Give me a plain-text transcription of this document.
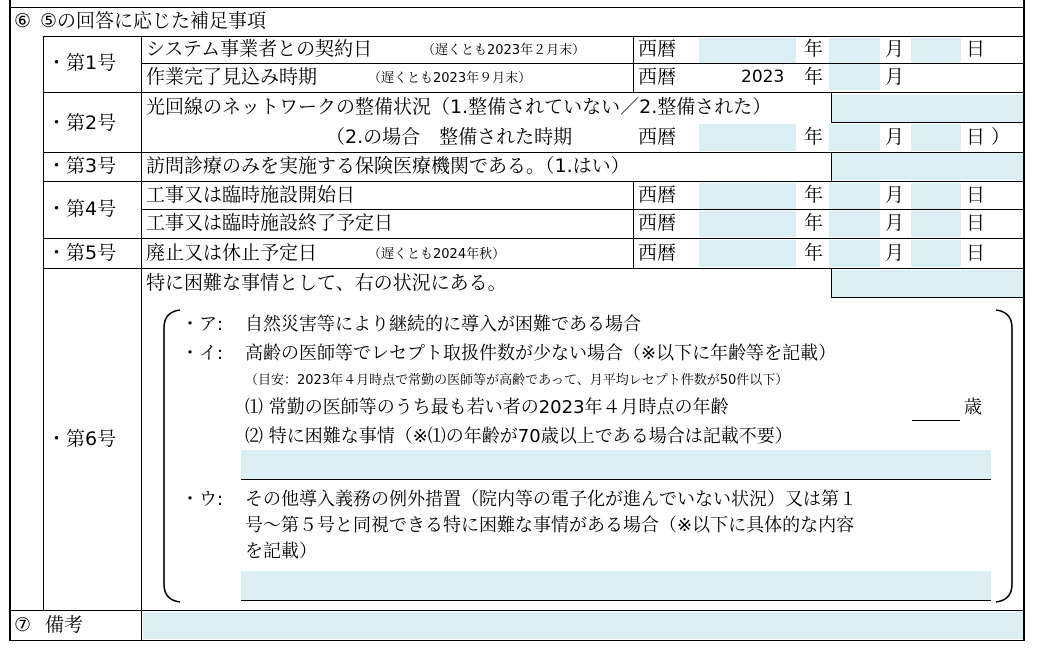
⑥ ⑤の回答に応じた補足事項
・第1号
システム事業者との契約日	（遅くとも2023年２月末）	西暦	年	月	日
作業完了見込み時期	（遅くとも2023年９月末）	西暦	2023 年	月
・第2号
光回線のネットワークの整備状況（1.整備されていない／2.整備された）
（2.の場合　整備された時期	西暦	年	月	日 ）
・第3号 訪問診療のみを実施する保険医療機関である。（1.はい）
・第4号
工事又は臨時施設開始日	西暦	年	月	日
工事又は臨時施設終了予定日	西暦	年	月	日
・第5号 廃止又は休止予定日	（遅くとも2024年秋）	西暦	年	月	日
・第6号
特に困難な事情として、右の状況にある。
・ア: 自然災害等により継続的に導入が困難である場合
・イ: 高齢の医師等でレセプト取扱件数が少ない場合（※以下に年齢等を記載）
（目安：2023年４月時点で常勤の医師等が高齢であって、月平均レセプト件数が50件以下）
⑴ 常勤の医師等のうち最も若い者の2023年４月時点の年齢	歳
⑵ 特に困難な事情（※⑴の年齢が70歳以上である場合は記載不要）
・ウ: その他導入義務の例外措置（院内等の電子化が進んでいない状況）又は第１
号～第５号と同視できる特に困難な事情がある場合（※以下に具体的な内容
を記載）
⑦ 備考
